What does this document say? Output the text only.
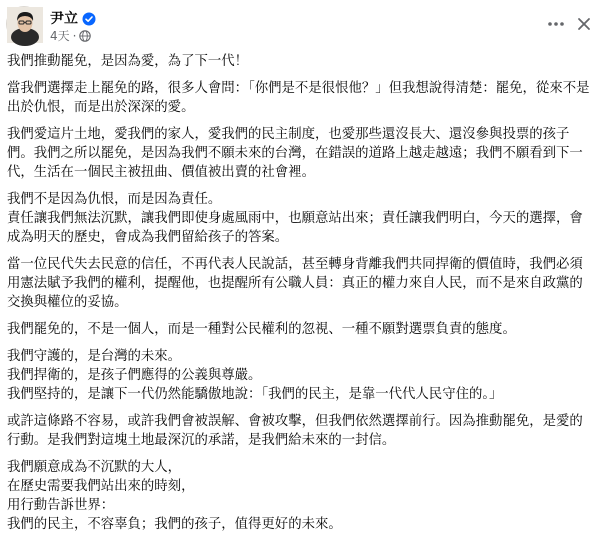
尹立
4天 ·
我們推動罷免，是因為愛，為了下一代！
當我們選擇走上罷免的路，很多人會問：「你們是不是很恨他？」但我想說得清楚：罷免，從來不是
出於仇恨，而是出於深深的愛。
我們愛這片土地，愛我們的家人，愛我們的民主制度，也愛那些還沒長大、還沒參與投票的孩子
們。我們之所以罷免，是因為我們不願未來的台灣，在錯誤的道路上越走越遠；我們不願看到下一
代，生活在一個民主被扭曲、價值被出賣的社會裡。
我們不是因為仇恨，而是因為責任。
責任讓我們無法沉默，讓我們即使身處風雨中，也願意站出來；責任讓我們明白，今天的選擇，會
成為明天的歷史，會成為我們留給孩子的答案。
當一位民代失去民意的信任，不再代表人民說話，甚至轉身背離我們共同捍衛的價值時，我們必須
用憲法賦予我們的權利，提醒他，也提醒所有公職人員：真正的權力來自人民，而不是來自政黨的
交換與權位的妥協。
我們罷免的，不是一個人，而是一種對公民權利的忽視、一種不願對選票負責的態度。
我們守護的，是台灣的未來。
我們捍衛的，是孩子們應得的公義與尊嚴。
我們堅持的，是讓下一代仍然能驕傲地說：「我們的民主，是靠一代代人民守住的。」
或許這條路不容易，或許我們會被誤解、會被攻擊，但我們依然選擇前行。因為推動罷免，是愛的
行動。是我們對這塊土地最深沉的承諾，是我們給未來的一封信。
我們願意成為不沉默的大人，
在歷史需要我們站出來的時刻，
用行動告訴世界：
我們的民主，不容辜負；我們的孩子，值得更好的未來。
